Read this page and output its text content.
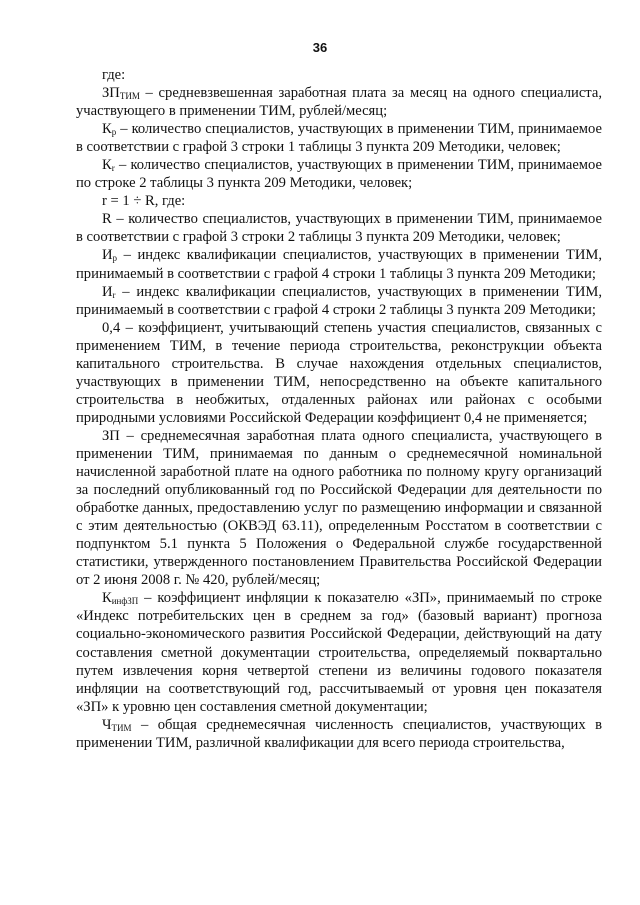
36

где:

$ЗП_{ТИМ}$ – средневзвешенная заработная плата за месяц на одного специалиста, участвующего в применении ТИМ, рублей/месяц;

$К_р$ – количество специалистов, участвующих в применении ТИМ, принимаемое в соответствии с графой 3 строки 1 таблицы 3 пункта 209 Методики, человек;

$К_r$ – количество специалистов, участвующих в применении ТИМ, принимаемое по строке 2 таблицы 3 пункта 209 Методики, человек;

r = 1 ÷ R, где:

R – количество специалистов, участвующих в применении ТИМ, принимаемое в соответствии с графой 3 строки 2 таблицы 3 пункта 209 Методики, человек;

$И_р$ – индекс квалификации специалистов, участвующих в применении ТИМ, принимаемый в соответствии с графой 4 строки 1 таблицы 3 пункта 209 Методики;

$И_r$ – индекс квалификации специалистов, участвующих в применении ТИМ, принимаемый в соответствии с графой 4 строки 2 таблицы 3 пункта 209 Методики;

0,4 – коэффициент, учитывающий степень участия специалистов, связанных с применением ТИМ, в течение периода строительства, реконструкции объекта капитального строительства. В случае нахождения отдельных специалистов, участвующих в применении ТИМ, непосредственно на объекте капитального строительства в необжитых, отдаленных районах или районах с особыми природными условиями Российской Федерации коэффициент 0,4 не применяется;

ЗП – среднемесячная заработная плата одного специалиста, участвующего в применении ТИМ, принимаемая по данным о среднемесячной номинальной начисленной заработной плате на одного работника по полному кругу организаций за последний опубликованный год по Российской Федерации для деятельности по обработке данных, предоставлению услуг по размещению информации и связанной с этим деятельностью (ОКВЭД 63.11), определенным Росстатом в соответствии с подпунктом 5.1 пункта 5 Положения о Федеральной службе государственной статистики, утвержденного постановлением Правительства Российской Федерации от 2 июня 2008 г. № 420, рублей/месяц;

$К_{инфЗП}$ – коэффициент инфляции к показателю «ЗП», принимаемый по строке «Индекс потребительских цен в среднем за год» (базовый вариант) прогноза социально-экономического развития Российской Федерации, действующий на дату составления сметной документации строительства, определяемый поквартально путем извлечения корня четвертой степени из величины годового показателя инфляции на соответствующий год, рассчитываемый от уровня цен показателя «ЗП» к уровню цен составления сметной документации;

$Ч_{ТИМ}$ – общая среднемесячная численность специалистов, участвующих в применении ТИМ, различной квалификации для всего периода строительства,
